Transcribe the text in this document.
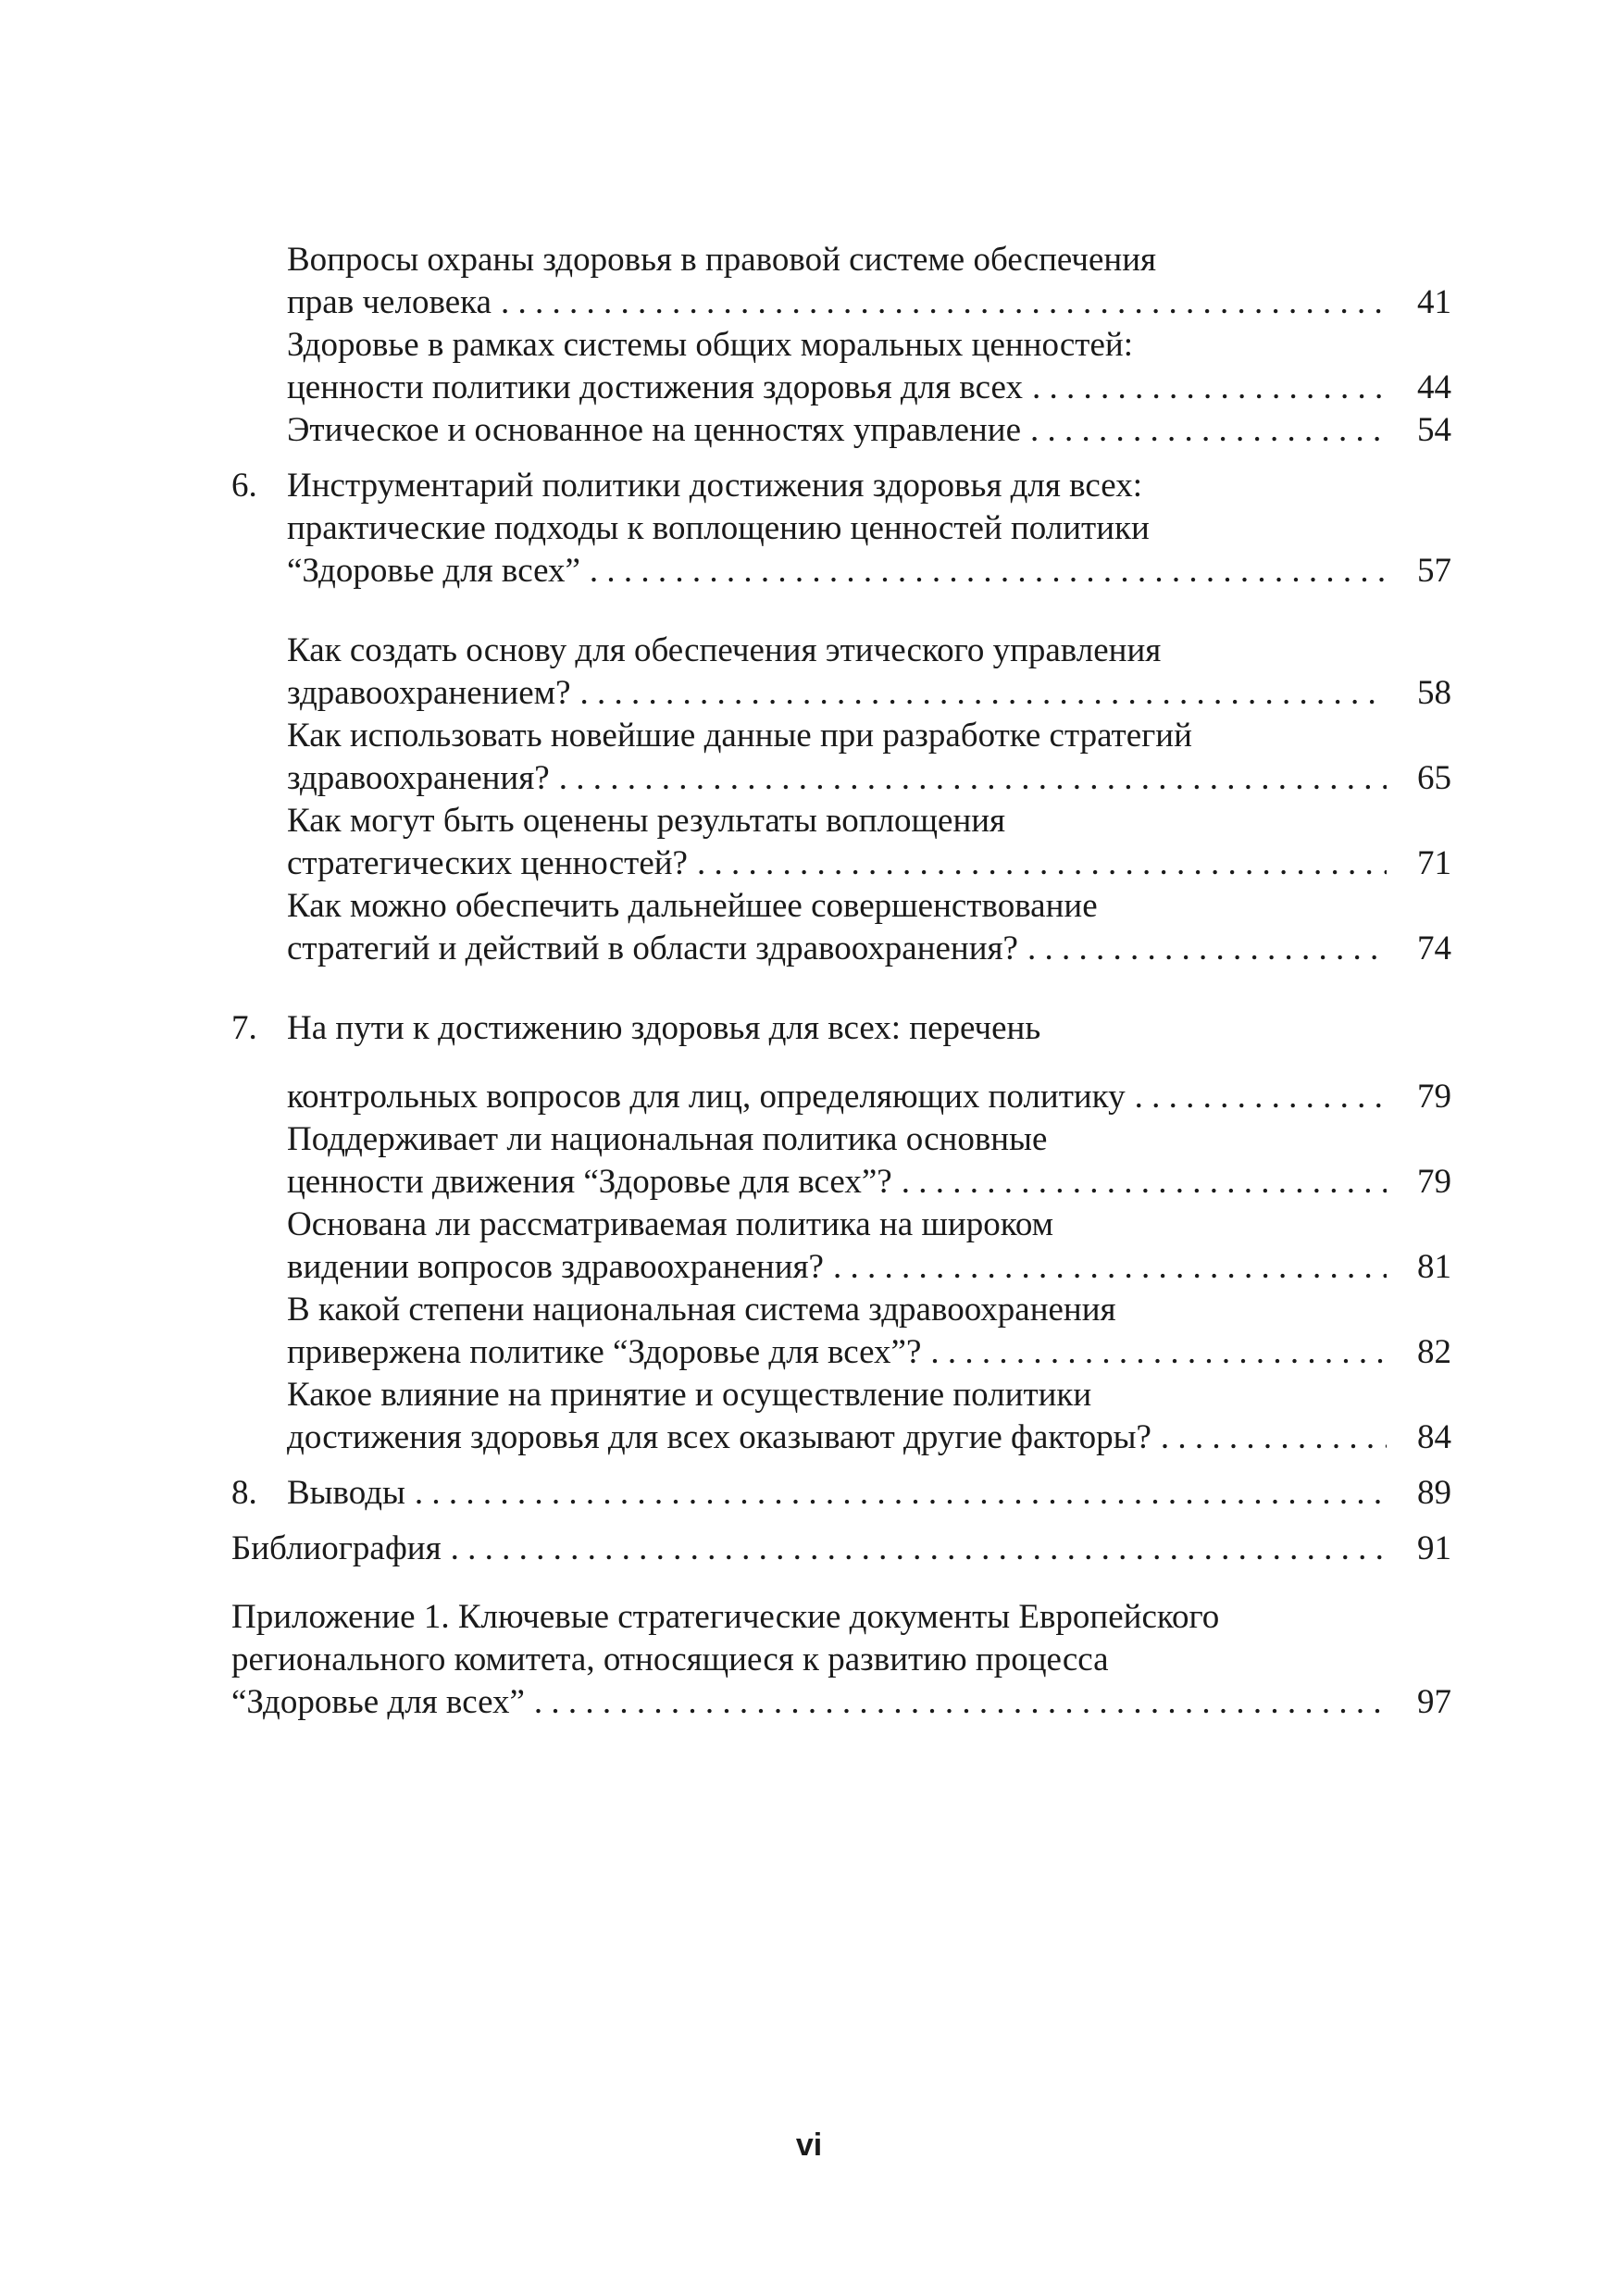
Вопросы охраны здоровья в правовой системе обеспечения
прав человека . . .	41
Здоровье в рамках системы общих моральных ценностей:
ценности политики достижения здоровья для всех . . .	44
Этическое и основанное на ценностях управление . . .	54
6. Инструментарий политики достижения здоровья для всех:
практические подходы к воплощению ценностей политики
“Здоровье для всех” . . .	57
Как создать основу для обеспечения этического управления
здравоохранением? . . .	58
Как использовать новейшие данные при разработке стратегий
здравоохранения? . . .	65
Как могут быть оценены результаты воплощения
стратегических ценностей? . . .	71
Как можно обеспечить дальнейшее совершенствование
стратегий и действий в области здравоохранения? . . .	74
7. На пути к достижению здоровья для всех: перечень
контрольных вопросов для лиц, определяющих политику . . .	79
Поддерживает ли национальная политика основные
ценности движения “Здоровье для всех”? . . .	79
Основана ли рассматриваемая политика на широком
видении вопросов здравоохранения? . . .	81
В какой степени национальная система здравоохранения
привержена политике “Здоровье для всех”? . . .	82
Какое влияние на принятие и осуществление политики
достижения здоровья для всех оказывают другие факторы? . . .	84
8. Выводы . . .	89
Библиография . . .	91
Приложение 1. Ключевые стратегические документы Европейского
регионального комитета, относящиеся к развитию процесса
“Здоровье для всех” . . .	97
vi
